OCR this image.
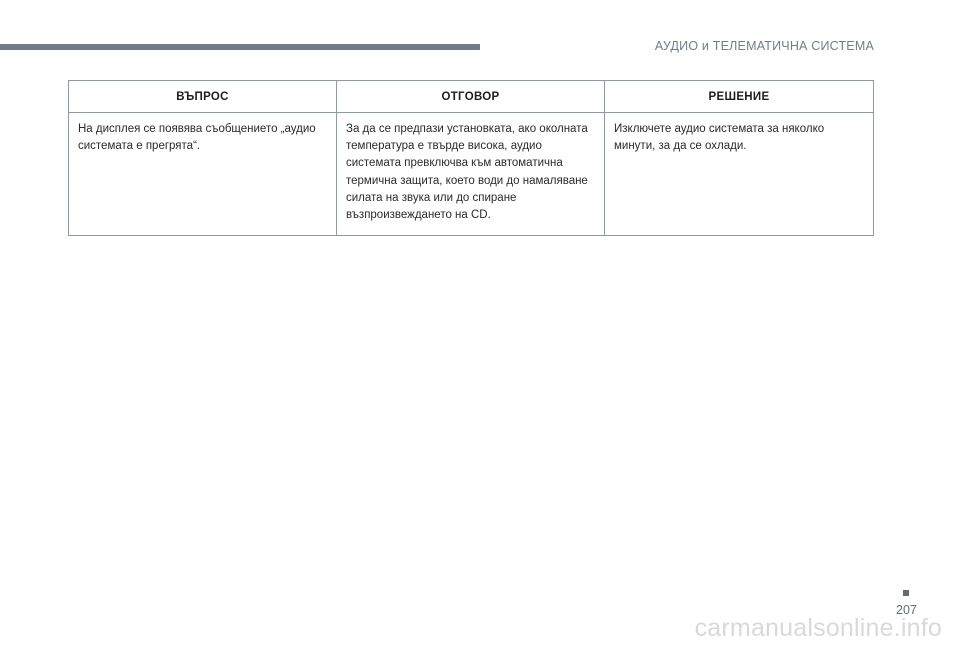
АУДИО и ТЕЛЕМАТИЧНА СИСТЕМА
ВЪПРОС	ОТГОВОР	РЕШЕНИЕ
На дисплея се появява съобщението „аудио системата е прегрята“.	За да се предпази установката, ако околната температура е твърде висока, аудио системата превключва към автоматична термична защита, което води до намаляване силата на звука или до спиране възпроизвеждането на CD.	Изключете аудио системата за няколко минути, за да се охлади.
207
carmanualsonline.info
